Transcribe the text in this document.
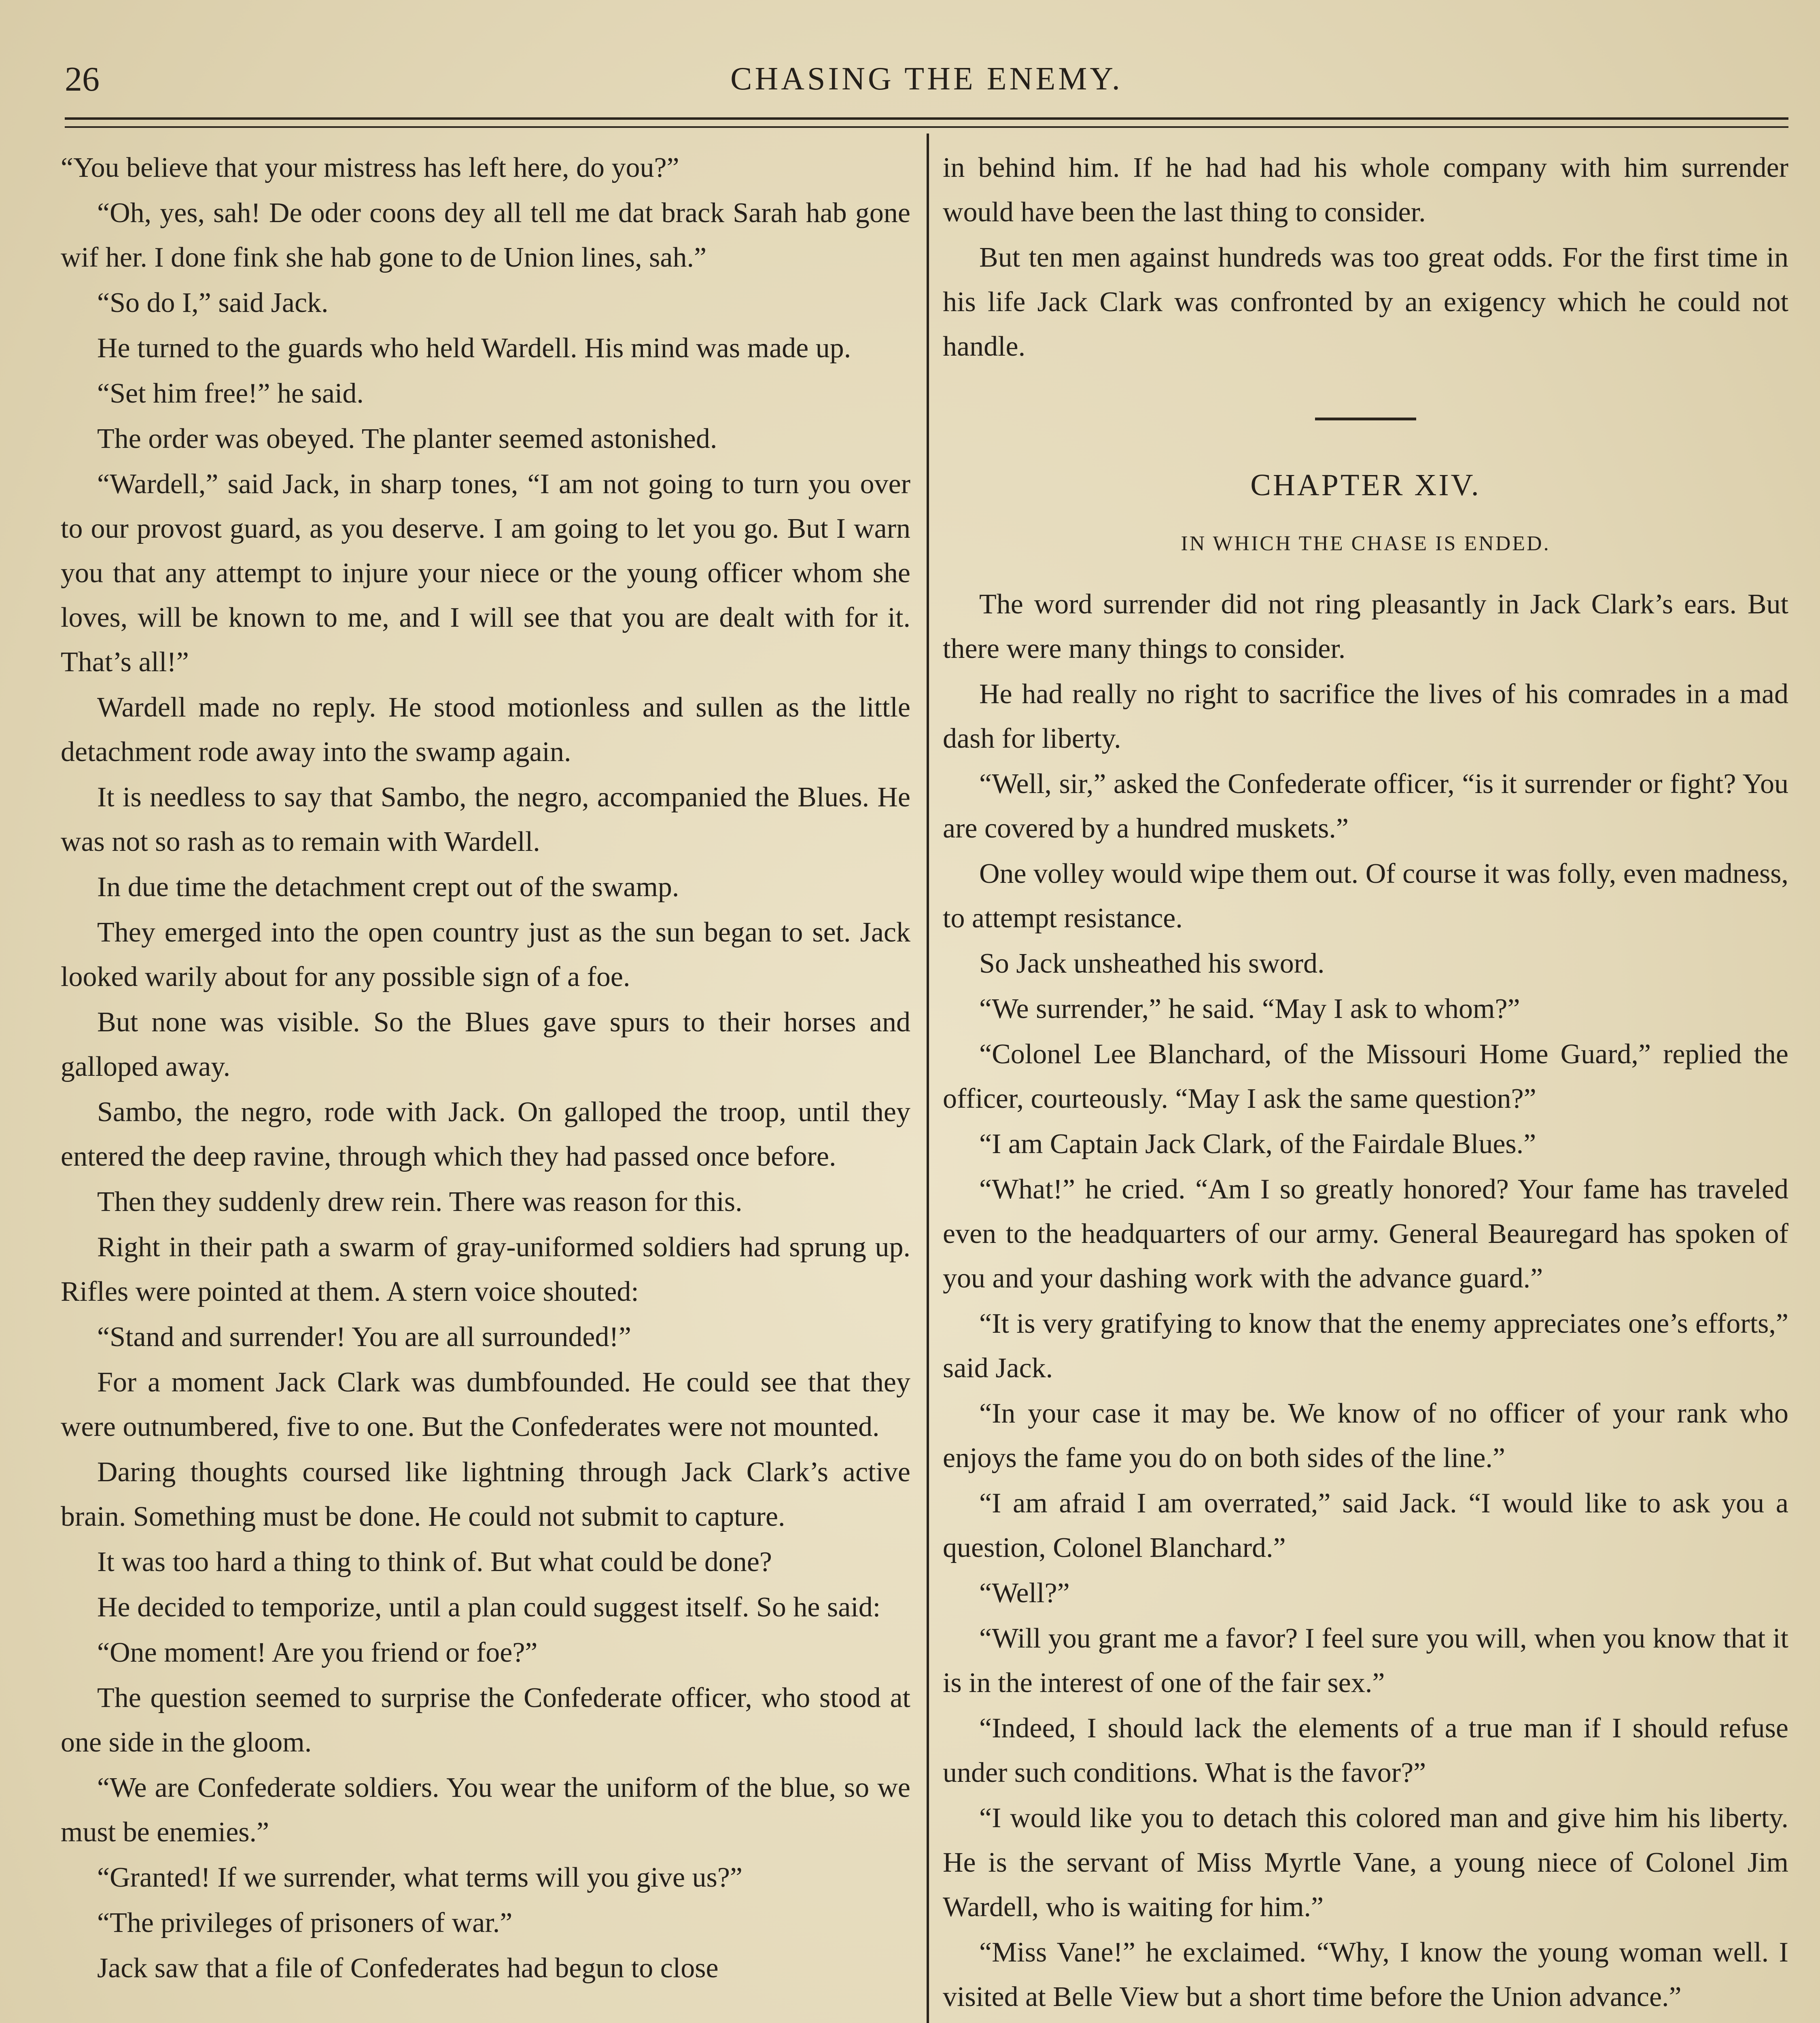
26	CHASING THE ENEMY.

“You believe that your mistress has left here, do you?”

“Oh, yes, sah! De oder coons dey all tell me dat brack Sarah hab gone wif her. I done fink she hab gone to de Union lines, sah.”

“So do I,” said Jack.

He turned to the guards who held Wardell. His mind was made up.

“Set him free!” he said.

The order was obeyed. The planter seemed astonished.

“Wardell,” said Jack, in sharp tones, “I am not going to turn you over to our provost guard, as you deserve. I am going to let you go. But I warn you that any attempt to injure your niece or the young officer whom she loves, will be known to me, and I will see that you are dealt with for it. That’s all!”

Wardell made no reply. He stood motionless and sullen as the little detachment rode away into the swamp again.

It is needless to say that Sambo, the negro, accompanied the Blues. He was not so rash as to remain with Wardell.

In due time the detachment crept out of the swamp.

They emerged into the open country just as the sun began to set. Jack looked warily about for any possible sign of a foe.

But none was visible. So the Blues gave spurs to their horses and galloped away.

Sambo, the negro, rode with Jack. On galloped the troop, until they entered the deep ravine, through which they had passed once before.

Then they suddenly drew rein. There was reason for this.

Right in their path a swarm of gray-uniformed soldiers had sprung up. Rifles were pointed at them. A stern voice shouted:

“Stand and surrender! You are all surrounded!”

For a moment Jack Clark was dumbfounded. He could see that they were outnumbered, five to one. But the Confederates were not mounted.

Daring thoughts coursed like lightning through Jack Clark’s active brain. Something must be done. He could not submit to capture.

It was too hard a thing to think of. But what could be done?

He decided to temporize, until a plan could suggest itself. So he said:

“One moment! Are you friend or foe?”

The question seemed to surprise the Confederate officer, who stood at one side in the gloom.

“We are Confederate soldiers. You wear the uniform of the blue, so we must be enemies.”

“Granted! If we surrender, what terms will you give us?”

“The privileges of prisoners of war.”

Jack saw that a file of Confederates had begun to close

in behind him. If he had had his whole company with him surrender would have been the last thing to consider.

But ten men against hundreds was too great odds. For the first time in his life Jack Clark was confronted by an exigency which he could not handle.

CHAPTER XIV.

IN WHICH THE CHASE IS ENDED.

The word surrender did not ring pleasantly in Jack Clark’s ears. But there were many things to consider.

He had really no right to sacrifice the lives of his comrades in a mad dash for liberty.

“Well, sir,” asked the Confederate officer, “is it surrender or fight? You are covered by a hundred muskets.”

One volley would wipe them out. Of course it was folly, even madness, to attempt resistance.

So Jack unsheathed his sword.

“We surrender,” he said. “May I ask to whom?”

“Colonel Lee Blanchard, of the Missouri Home Guard,” replied the officer, courteously. “May I ask the same question?”

“I am Captain Jack Clark, of the Fairdale Blues.”

“What!” he cried. “Am I so greatly honored? Your fame has traveled even to the headquarters of our army. General Beauregard has spoken of you and your dashing work with the advance guard.”

“It is very gratifying to know that the enemy appreciates one’s efforts,” said Jack.

“In your case it may be. We know of no officer of your rank who enjoys the fame you do on both sides of the line.”

“I am afraid I am overrated,” said Jack. “I would like to ask you a question, Colonel Blanchard.”

“Well?”

“Will you grant me a favor? I feel sure you will, when you know that it is in the interest of one of the fair sex.”

“Indeed, I should lack the elements of a true man if I should refuse under such conditions. What is the favor?”

“I would like you to detach this colored man and give him his liberty. He is the servant of Miss Myrtle Vane, a young niece of Colonel Jim Wardell, who is waiting for him.”

“Miss Vane!” he exclaimed. “Why, I know the young woman well. I visited at Belle View but a short time before the Union advance.”
